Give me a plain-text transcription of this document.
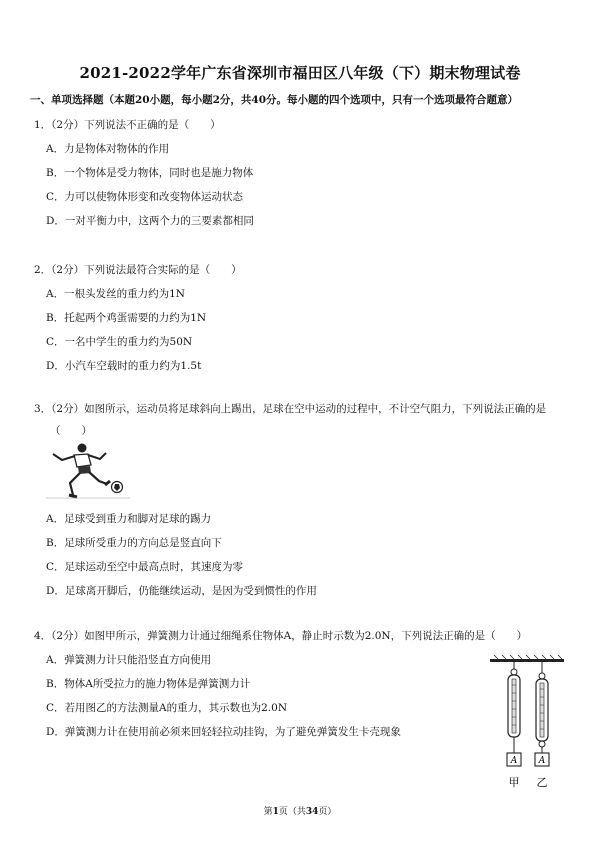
2021-2022学年广东省深圳市福田区八年级（下）期末物理试卷
一、单项选择题（本题20小题，每小题2分，共40分。每小题的四个选项中，只有一个选项最符合题意）
1．（2分）下列说法不正确的是（　　）
A．力是物体对物体的作用
B．一个物体是受力物体，同时也是施力物体
C．力可以使物体形变和改变物体运动状态
D．一对平衡力中，这两个力的三要素都相同
2．（2分）下列说法最符合实际的是（　　）
A．一根头发丝的重力约为1N
B．托起两个鸡蛋需要的力约为1N
C．一名中学生的重力约为50N
D．小汽车空载时的重力约为1.5t
3．（2分）如图所示，运动员将足球斜向上踢出，足球在空中运动的过程中，不计空气阻力，下列说法正确的是
（　　）
A．足球受到重力和脚对足球的踢力
B．足球所受重力的方向总是竖直向下
C．足球运动至空中最高点时，其速度为零
D．足球离开脚后，仍能继续运动，是因为受到惯性的作用
4．（2分）如图甲所示，弹簧测力计通过细绳系住物体A，静止时示数为2.0N，下列说法正确的是（　　）
A．弹簧测力计只能沿竖直方向使用
B．物体A所受拉力的施力物体是弹簧测力计
C．若用图乙的方法测量A的重力，其示数也为2.0N
D．弹簧测力计在使用前必须来回轻轻拉动挂钩，为了避免弹簧发生卡壳现象
A A
甲 乙
第1页（共34页）
